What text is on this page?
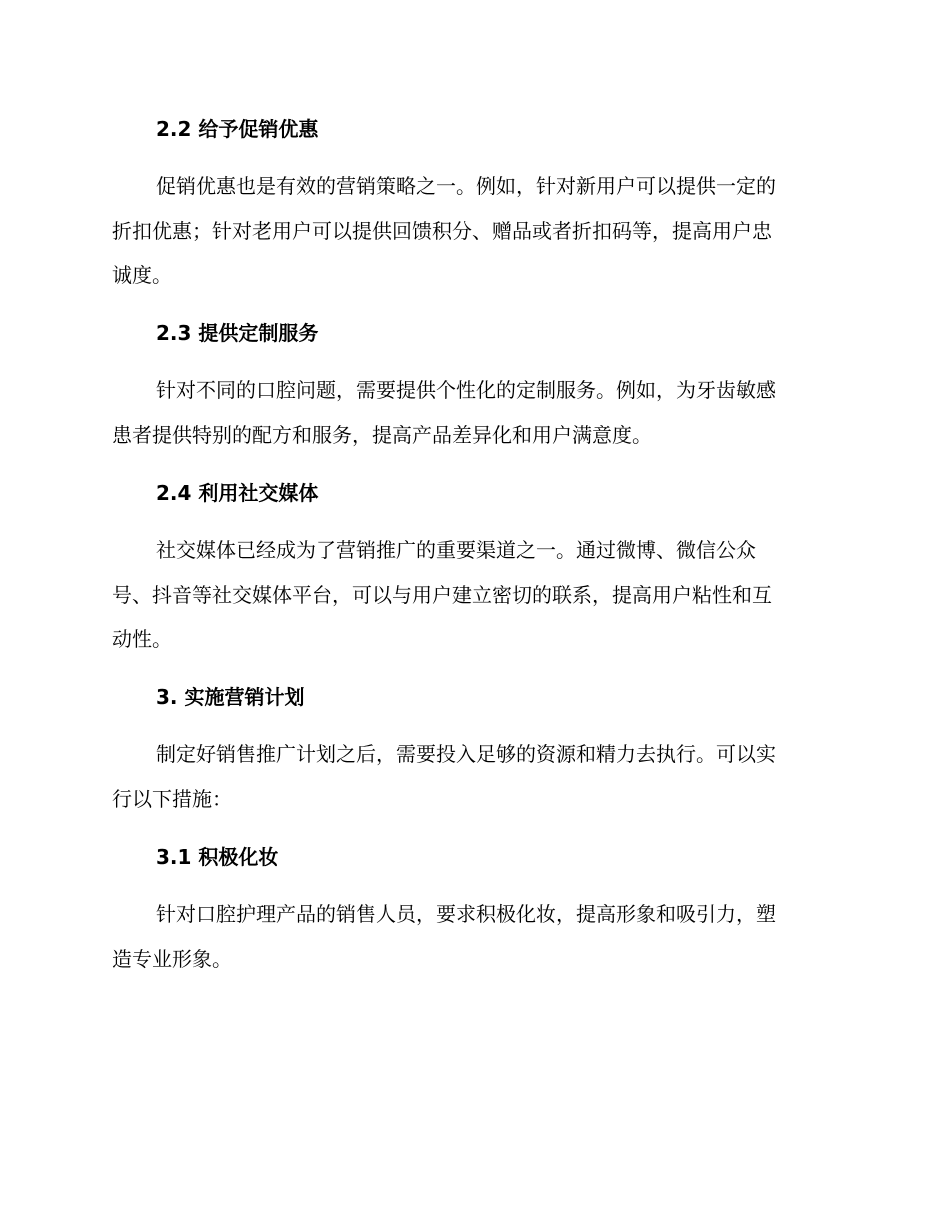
2.2 给予促销优惠
促销优惠也是有效的营销策略之一。例如，针对新用户可以提供一定的
折扣优惠；针对老用户可以提供回馈积分、赠品或者折扣码等，提高用户忠
诚度。
2.3 提供定制服务
针对不同的口腔问题，需要提供个性化的定制服务。例如，为牙齿敏感
患者提供特别的配方和服务，提高产品差异化和用户满意度。
2.4 利用社交媒体
社交媒体已经成为了营销推广的重要渠道之一。通过微博、微信公众
号、抖音等社交媒体平台，可以与用户建立密切的联系，提高用户粘性和互
动性。
3. 实施营销计划
制定好销售推广计划之后，需要投入足够的资源和精力去执行。可以实
行以下措施：
3.1 积极化妆
针对口腔护理产品的销售人员，要求积极化妆，提高形象和吸引力，塑
造专业形象。
